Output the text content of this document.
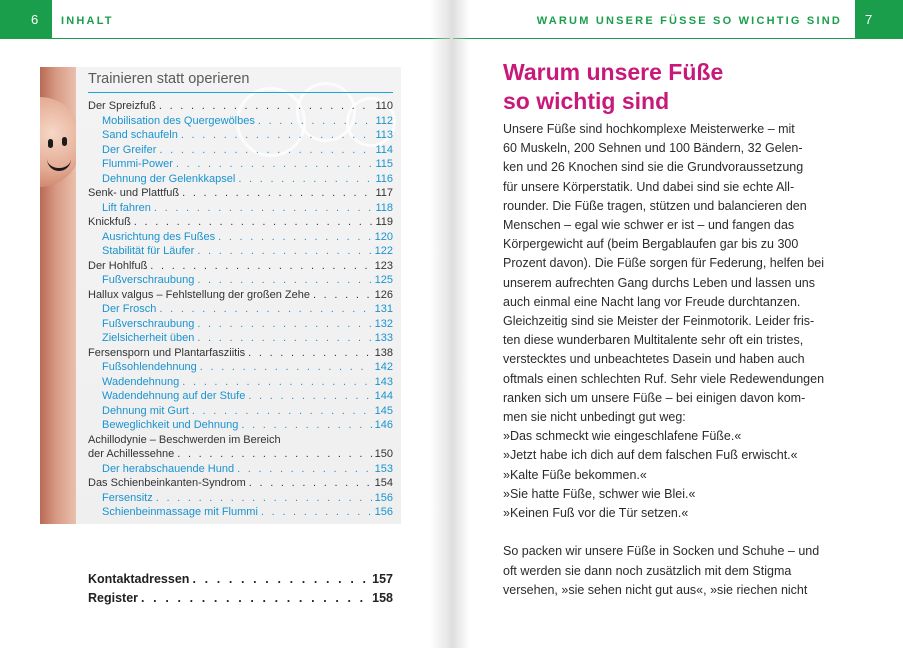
6	INHALT	WARUM UNSERE FÜSSE SO WICHTIG SIND	7
Trainieren statt operieren
Der Spreizfuß . . .	110
Mobilisation des Quergewölbes . . .	112
Sand schaufeln . . .	113
Der Greifer . . .	114
Flummi-Power . . .	115
Dehnung der Gelenkkapsel . . .	116
Senk- und Plattfuß . . .	117
Lift fahren . . .	118
Knickfuß . . .	119
Ausrichtung des Fußes . . .	120
Stabilität für Läufer . . .	122
Der Hohlfuß . . .	123
Fußverschraubung . . .	125
Hallux valgus – Fehlstellung der großen Zehe . . .	126
Der Frosch . . .	131
Fußverschraubung . . .	132
Zielsicherheit üben . . .	133
Fersensporn und Plantarfasziitis . . .	138
Fußsohlendehnung . . .	142
Wadendehnung . . .	143
Wadendehnung auf der Stufe . . .	144
Dehnung mit Gurt . . .	145
Beweglichkeit und Dehnung . . .	146
Achillodynie – Beschwerden im Bereich
der Achillessehne . . .	150
Der herabschauende Hund . . .	153
Das Schienbeinkanten-Syndrom . . .	154
Fersensitz . . .	156
Schienbeinmassage mit Flummi . . .	156
Kontaktadressen . . .	157
Register . . .	158
Warum unsere Füße
so wichtig sind
Unsere Füße sind hochkomplexe Meisterwerke – mit
60 Muskeln, 200 Sehnen und 100 Bändern, 32 Gelen-
ken und 26 Knochen sind sie die Grundvoraussetzung
für unsere Körperstatik. Und dabei sind sie echte All-
rounder. Die Füße tragen, stützen und balancieren den
Menschen – egal wie schwer er ist – und fangen das
Körpergewicht auf (beim Bergablaufen gar bis zu 300
Prozent davon). Die Füße sorgen für Federung, helfen bei
unserem aufrechten Gang durchs Leben und lassen uns
auch einmal eine Nacht lang vor Freude durchtanzen.
Gleichzeitig sind sie Meister der Feinmotorik. Leider fris-
ten diese wunderbaren Multitalente sehr oft ein tristes,
verstecktes und unbeachtetes Dasein und haben auch
oftmals einen schlechten Ruf. Sehr viele Redewendungen
ranken sich um unsere Füße – bei einigen davon kom-
men sie nicht unbedingt gut weg:
»Das schmeckt wie eingeschlafene Füße.«
»Jetzt habe ich dich auf dem falschen Fuß erwischt.«
»Kalte Füße bekommen.«
»Sie hatte Füße, schwer wie Blei.«
»Keinen Fuß vor die Tür setzen.«
So packen wir unsere Füße in Socken und Schuhe – und
oft werden sie dann noch zusätzlich mit dem Stigma
versehen, »sie sehen nicht gut aus«, »sie riechen nicht
